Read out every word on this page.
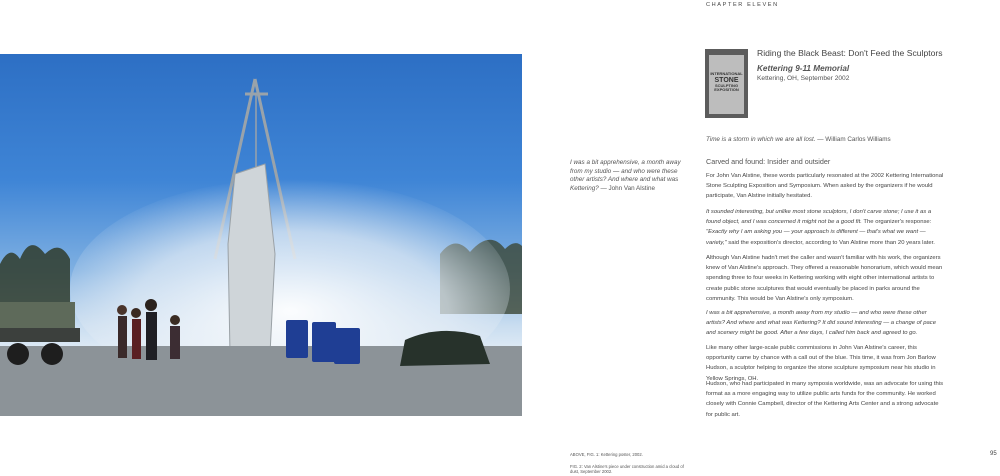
CHAPTER ELEVEN
I was a bit apprehensive, a month away from my studio — and who were these other artists? And where and what was Kettering? — John Van Alstine
INTERNATIONAL
STONE
SCULPTING
EXPOSITION
Riding the Black Beast: Don't Feed the Sculptors
Kettering 9-11 Memorial
Kettering, OH, September 2002
Time is a storm in which we are all lost. — William Carlos Williams
Carved and found: Insider and outsider
For John Van Alstine, these words particularly resonated at the 2002 Kettering International Stone Sculpting Exposition and Symposium. When asked by the organizers if he would participate, Van Alstine initially hesitated.
It sounded interesting, but unlike most stone sculptors, I don't carve stone; I use it as a found object, and I was concerned it might not be a good fit. The organizer's response: "Exactly why I am asking you — your approach is different — that's what we want — variety," said the exposition's director, according to Van Alstine more than 20 years later.
Although Van Alstine hadn't met the caller and wasn't familiar with his work, the organizers knew of Van Alstine's approach. They offered a reasonable honorarium, which would mean spending three to four weeks in Kettering working with eight other international artists to create public stone sculptures that would eventually be placed in parks around the community. This would be Van Alstine's only symposium.
I was a bit apprehensive, a month away from my studio — and who were these other artists? And where and what was Kettering? It did sound interesting — a change of pace and scenery might be good. After a few days, I called him back and agreed to go.
Like many other large-scale public commissions in John Van Alstine's career, this opportunity came by chance with a call out of the blue. This time, it was from Jon Barlow Hudson, a sculptor helping to organize the stone sculpture symposium near his studio in Yellow Springs, OH.
Hudson, who had participated in many symposia worldwide, was an advocate for using this format as a more engaging way to utilize public arts funds for the community. He worked closely with Connie Campbell, director of the Kettering Arts Center and a strong advocate for public art.
ABOVE, FIG. 1: Kettering poster, 2002.
FIG. 2: Van Alstine's piece under construction amid a cloud of dust, September 2002.
95
